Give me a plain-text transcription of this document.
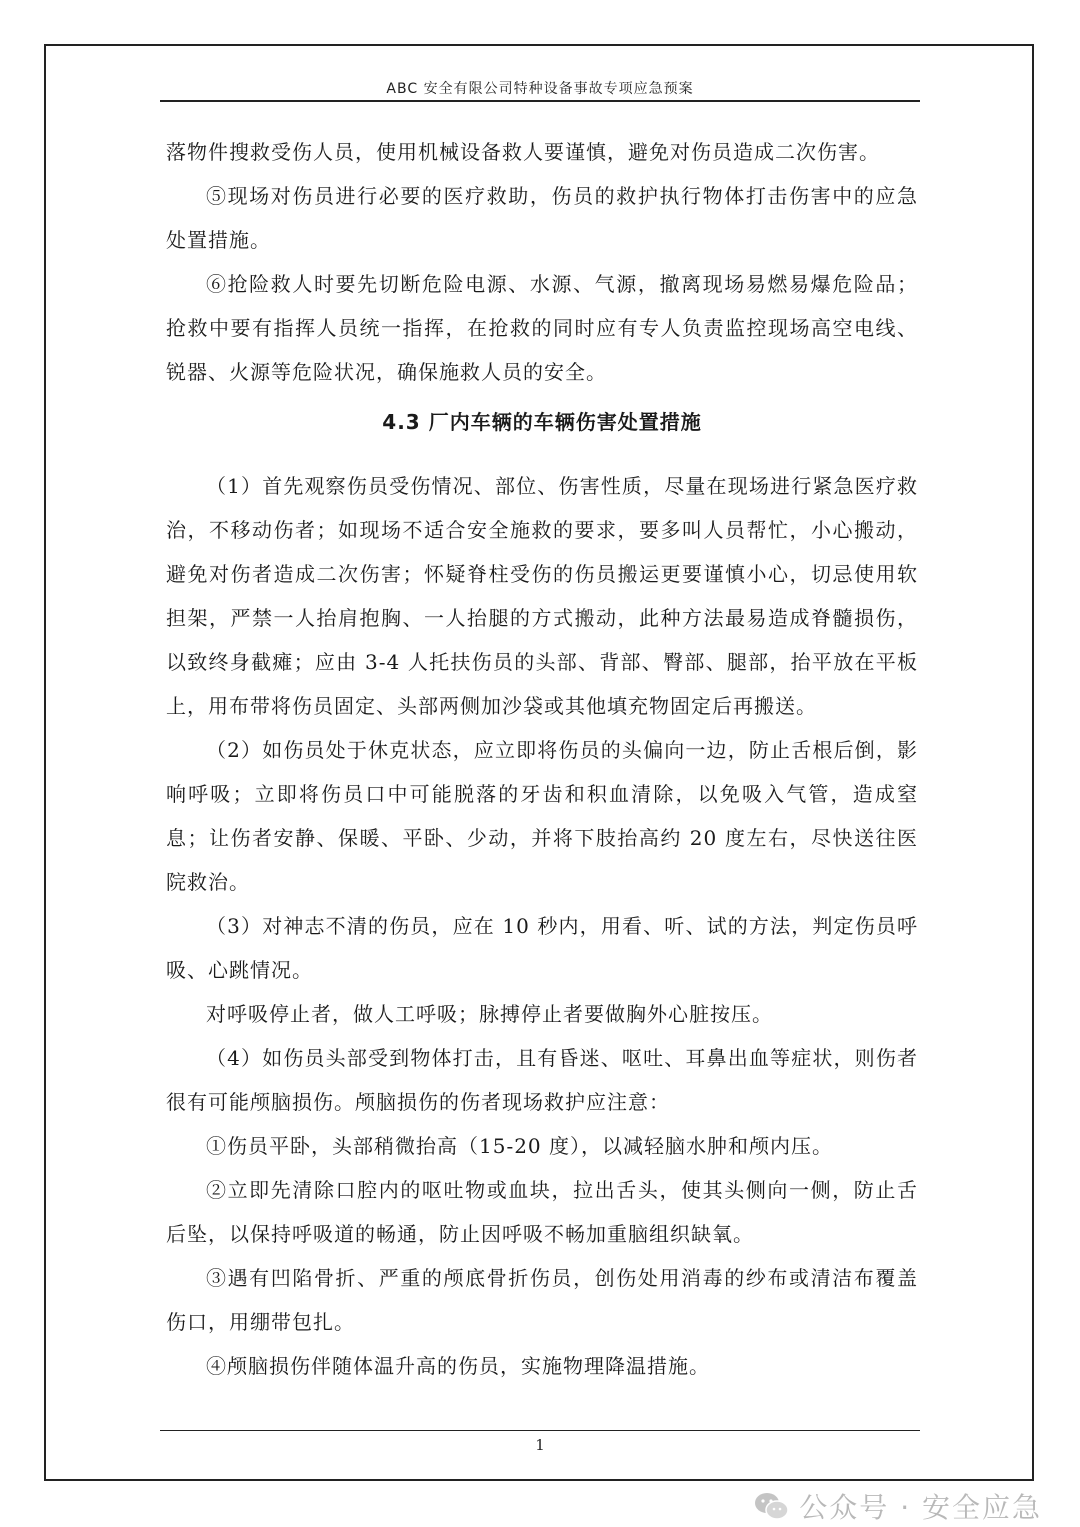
ABC 安全有限公司特种设备事故专项应急预案

落物件搜救受伤人员，使用机械设备救人要谨慎，避免对伤员造成二次伤害。

⑤现场对伤员进行必要的医疗救助，伤员的救护执行物体打击伤害中的应急处置措施。

⑥抢险救人时要先切断危险电源、水源、气源，撤离现场易燃易爆危险品；抢救中要有指挥人员统一指挥，在抢救的同时应有专人负责监控现场高空电线、锐器、火源等危险状况，确保施救人员的安全。

4.3 厂内车辆的车辆伤害处置措施

（1）首先观察伤员受伤情况、部位、伤害性质，尽量在现场进行紧急医疗救治，不移动伤者；如现场不适合安全施救的要求，要多叫人员帮忙，小心搬动，避免对伤者造成二次伤害；怀疑脊柱受伤的伤员搬运更要谨慎小心，切忌使用软担架，严禁一人抬肩抱胸、一人抬腿的方式搬动，此种方法最易造成脊髓损伤，以致终身截瘫；应由 3-4 人托扶伤员的头部、背部、臀部、腿部，抬平放在平板上，用布带将伤员固定、头部两侧加沙袋或其他填充物固定后再搬送。

（2）如伤员处于休克状态，应立即将伤员的头偏向一边，防止舌根后倒，影响呼吸；立即将伤员口中可能脱落的牙齿和积血清除，以免吸入气管，造成窒息；让伤者安静、保暖、平卧、少动，并将下肢抬高约 20 度左右，尽快送往医院救治。

（3）对神志不清的伤员，应在 10 秒内，用看、听、试的方法，判定伤员呼吸、心跳情况。

对呼吸停止者，做人工呼吸；脉搏停止者要做胸外心脏按压。

（4）如伤员头部受到物体打击，且有昏迷、呕吐、耳鼻出血等症状，则伤者很有可能颅脑损伤。颅脑损伤的伤者现场救护应注意：

①伤员平卧，头部稍微抬高（15-20 度），以减轻脑水肿和颅内压。

②立即先清除口腔内的呕吐物或血块，拉出舌头，使其头侧向一侧，防止舌后坠，以保持呼吸道的畅通，防止因呼吸不畅加重脑组织缺氧。

③遇有凹陷骨折、严重的颅底骨折伤员，创伤处用消毒的纱布或清洁布覆盖伤口，用绷带包扎。

④颅脑损伤伴随体温升高的伤员，实施物理降温措施。

1
公众号 · 安全应急
